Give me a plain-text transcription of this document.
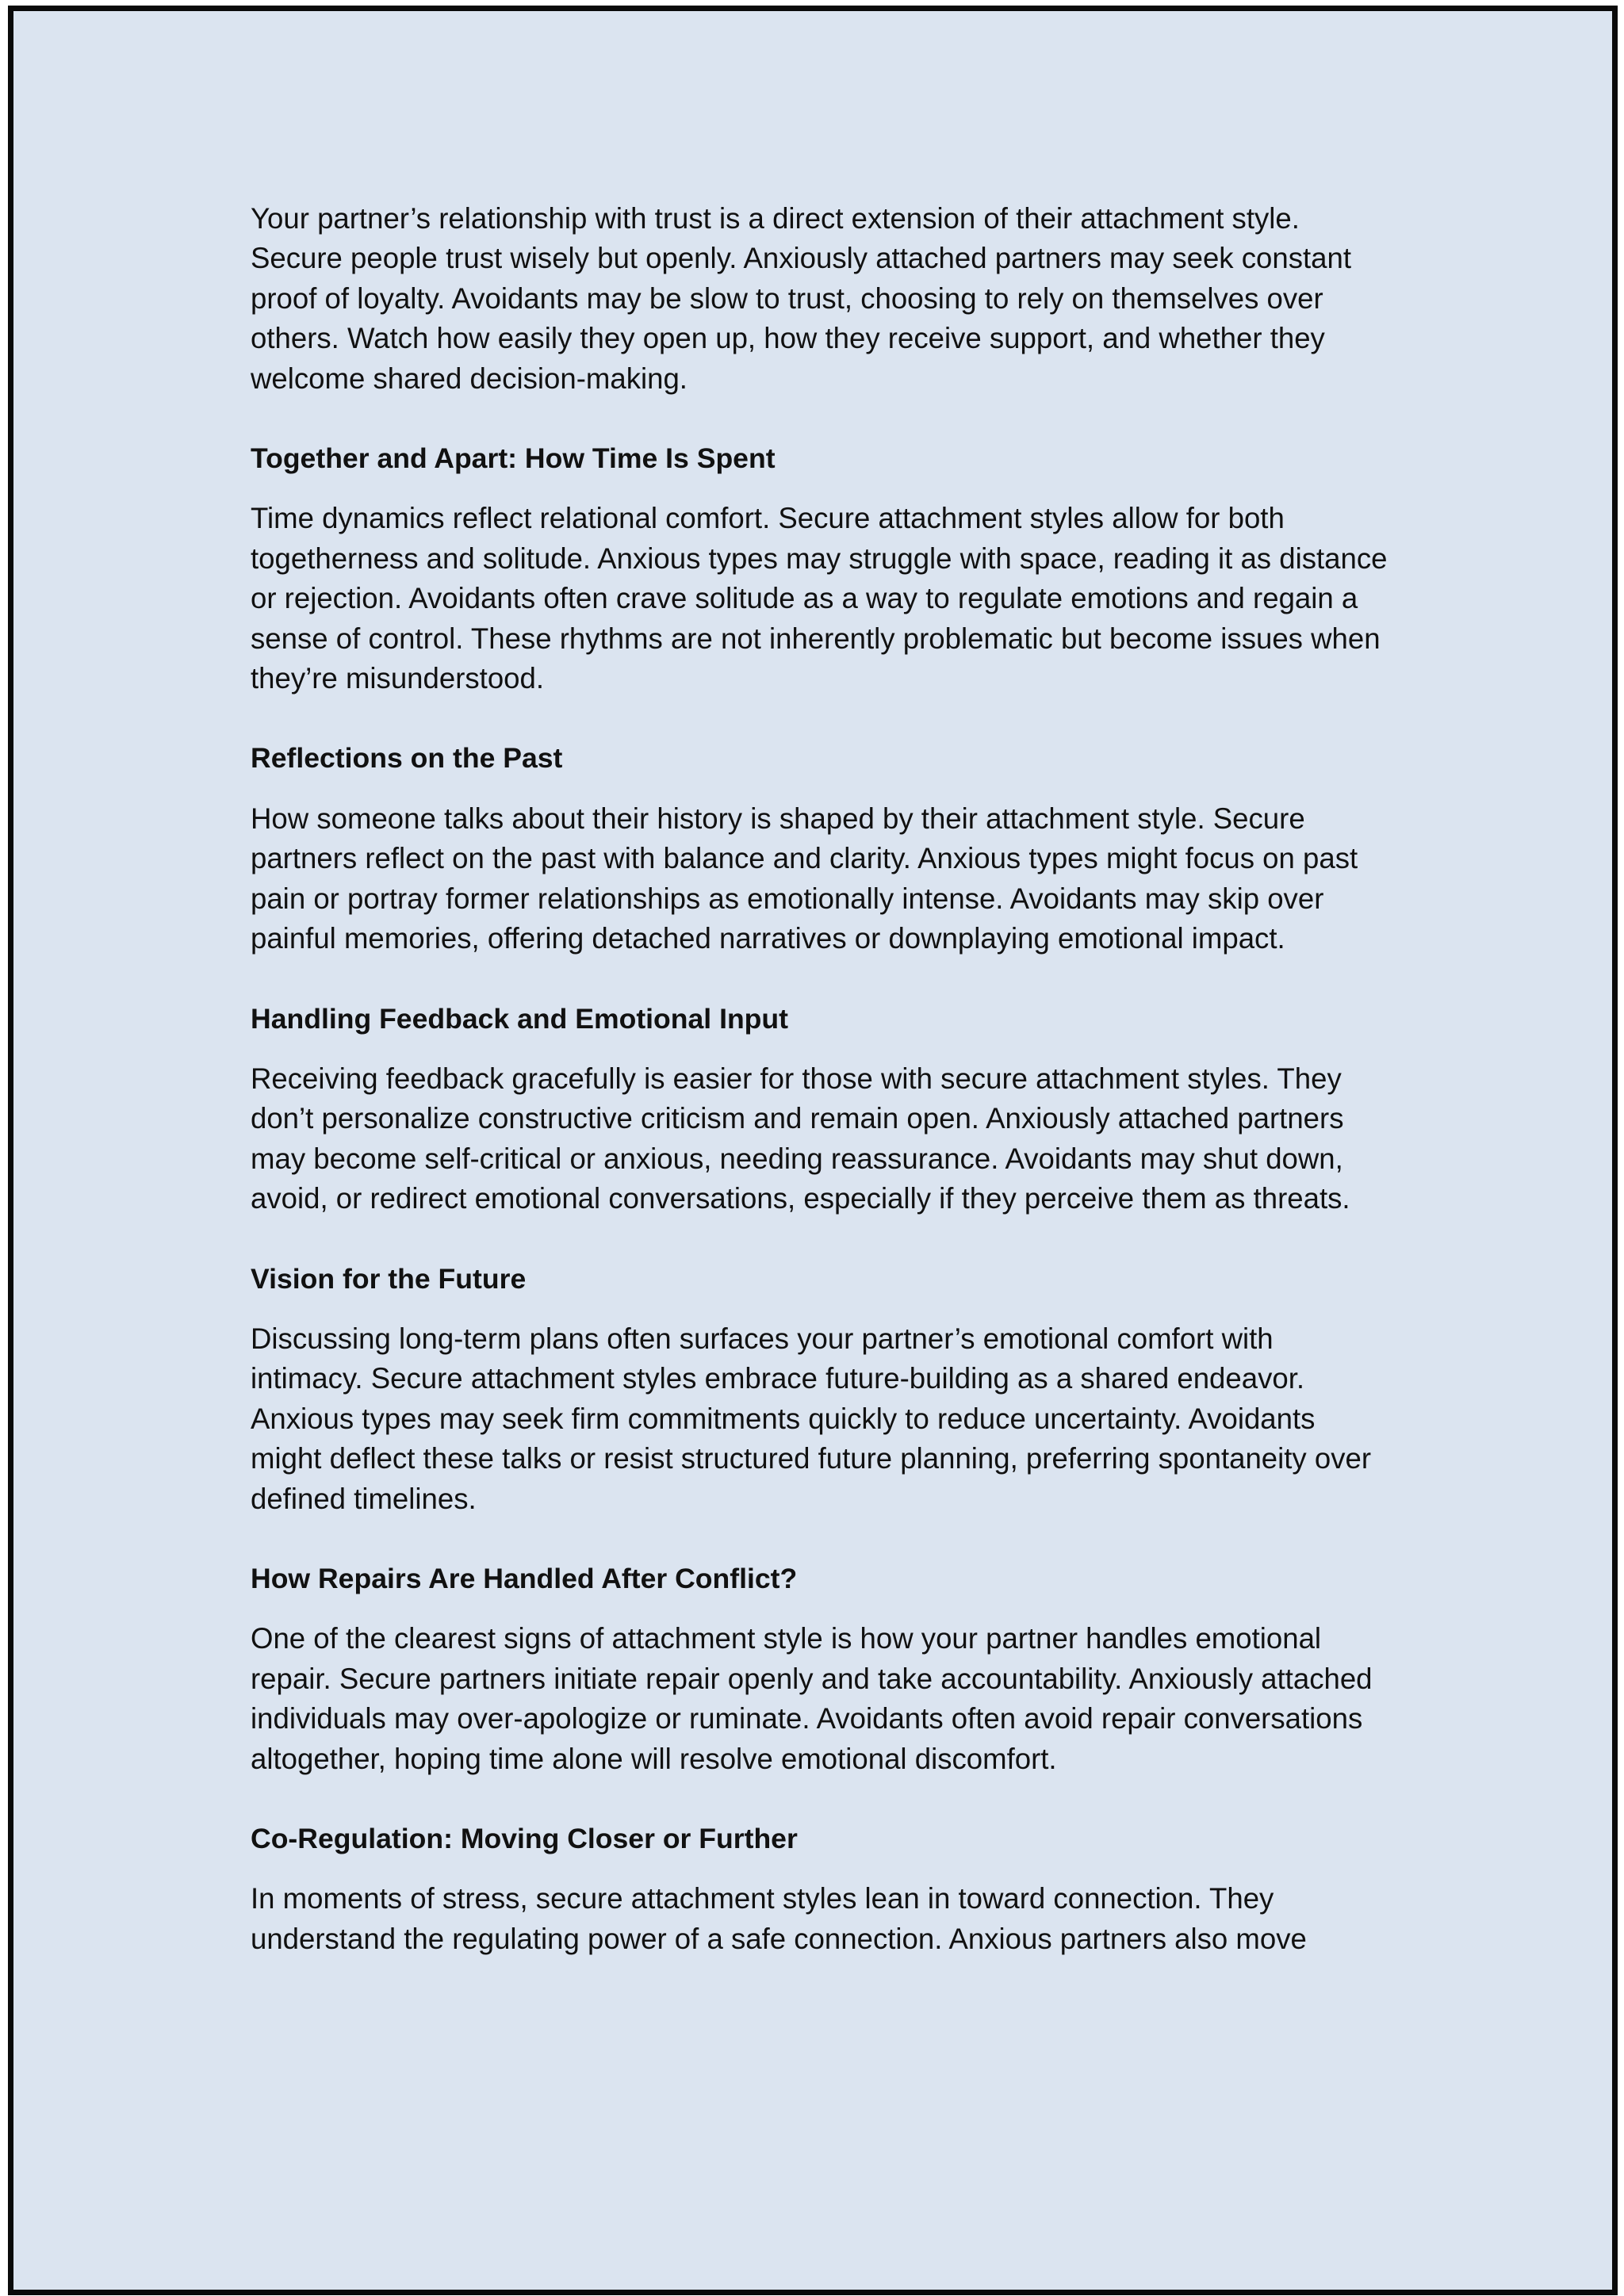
Your partner’s relationship with trust is a direct extension of their attachment style. Secure people trust wisely but openly. Anxiously attached partners may seek constant proof of loyalty. Avoidants may be slow to trust, choosing to rely on themselves over others. Watch how easily they open up, how they receive support, and whether they welcome shared decision-making.

Together and Apart: How Time Is Spent

Time dynamics reflect relational comfort. Secure attachment styles allow for both togetherness and solitude. Anxious types may struggle with space, reading it as distance or rejection. Avoidants often crave solitude as a way to regulate emotions and regain a sense of control. These rhythms are not inherently problematic but become issues when they’re misunderstood.

Reflections on the Past

How someone talks about their history is shaped by their attachment style. Secure partners reflect on the past with balance and clarity. Anxious types might focus on past pain or portray former relationships as emotionally intense. Avoidants may skip over painful memories, offering detached narratives or downplaying emotional impact.

Handling Feedback and Emotional Input

Receiving feedback gracefully is easier for those with secure attachment styles. They don’t personalize constructive criticism and remain open. Anxiously attached partners may become self-critical or anxious, needing reassurance. Avoidants may shut down, avoid, or redirect emotional conversations, especially if they perceive them as threats.

Vision for the Future

Discussing long-term plans often surfaces your partner’s emotional comfort with intimacy. Secure attachment styles embrace future-building as a shared endeavor. Anxious types may seek firm commitments quickly to reduce uncertainty. Avoidants might deflect these talks or resist structured future planning, preferring spontaneity over defined timelines.

How Repairs Are Handled After Conflict?

One of the clearest signs of attachment style is how your partner handles emotional repair. Secure partners initiate repair openly and take accountability. Anxiously attached individuals may over-apologize or ruminate. Avoidants often avoid repair conversations altogether, hoping time alone will resolve emotional discomfort.

Co-Regulation: Moving Closer or Further

In moments of stress, secure attachment styles lean in toward connection. They understand the regulating power of a safe connection. Anxious partners also move
